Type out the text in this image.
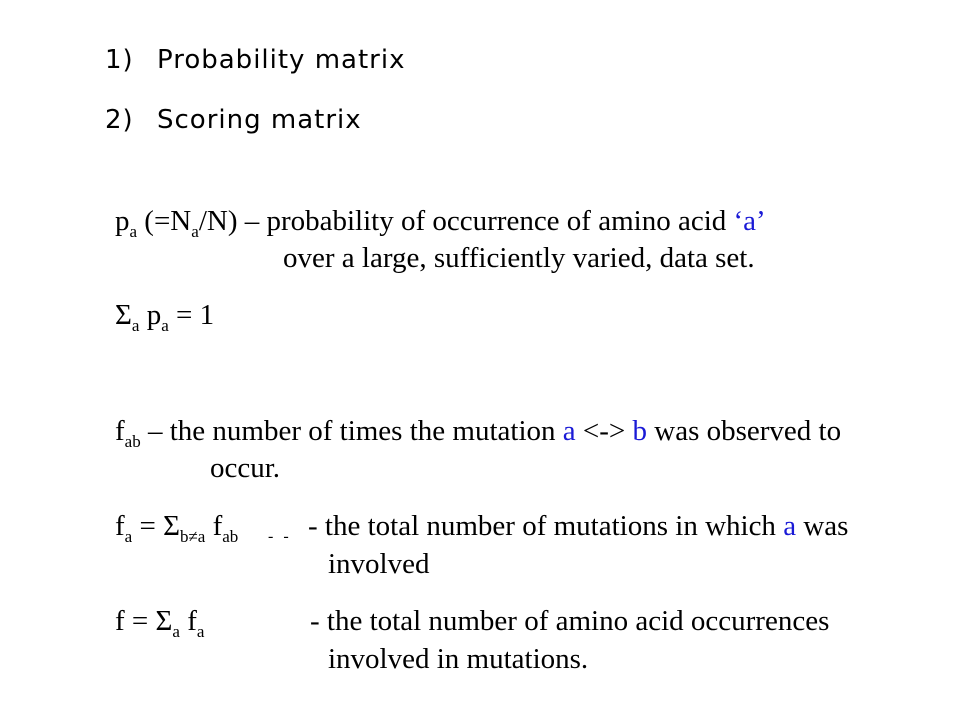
1) Probability matrix
2) Scoring matrix
$p_a$ $(=N_a/N)$ – probability of occurrence of amino acid ‘a’
over a large, sufficiently varied, data set.
$\Sigma_a$ $p_a = 1$
$f_{ab}$ – the number of times the mutation a <-> b was observed to
occur.
$f_a = \Sigma_{b\ne a}$ $f_{ab}$ - - - the total number of mutations in which a was
involved
$f = \Sigma_a$ $f_a$	- the total number of amino acid occurrences
involved in mutations.
